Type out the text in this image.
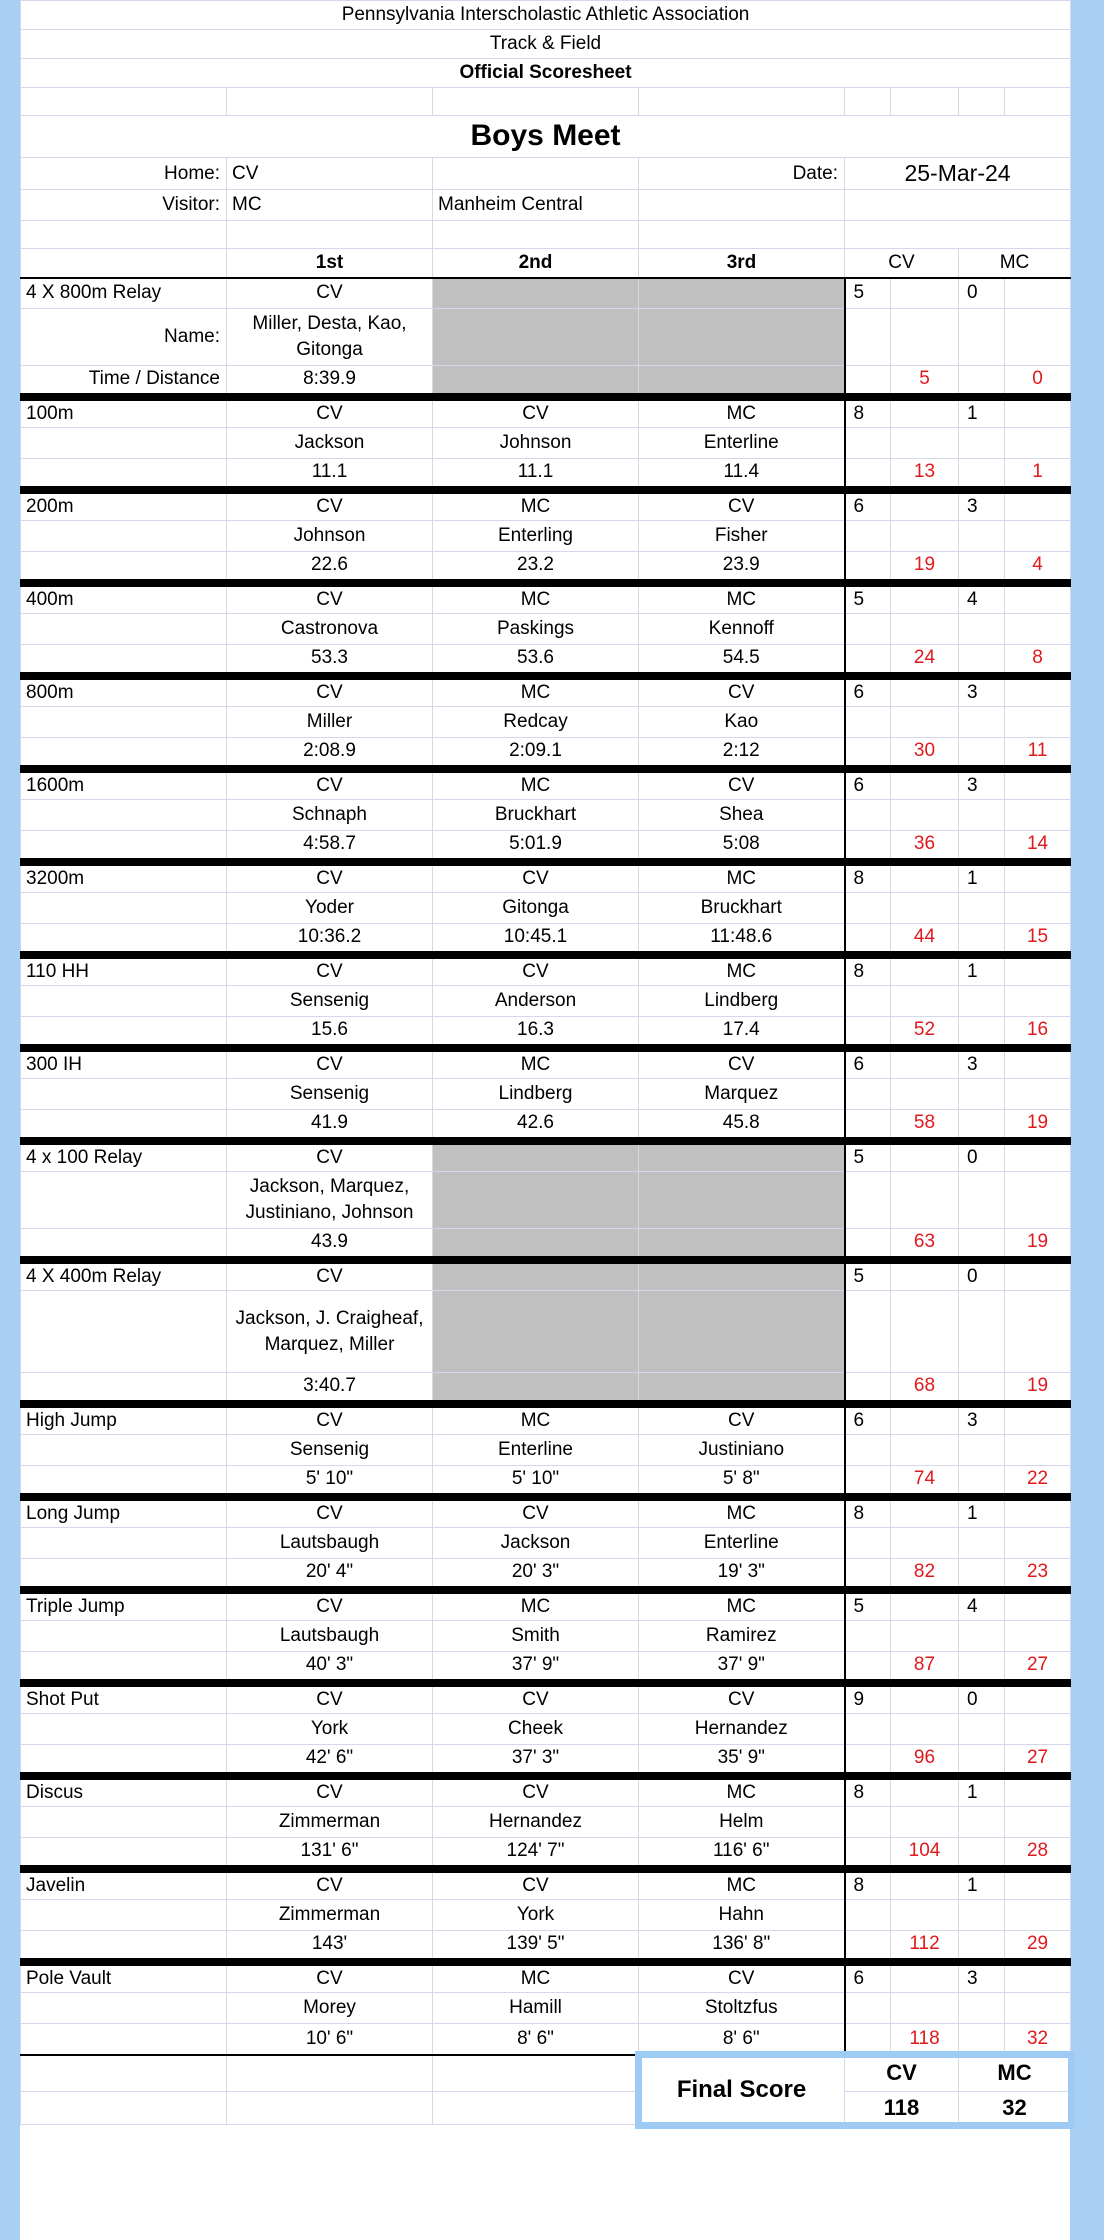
Pennsylvania Interscholastic Athletic Association							
Track & Field							
Official Scoresheet							

Boys Meet							
Home:	CV		Date:	25-Mar-24			
Visitor:	MC	Manheim Central					

	1st	2nd	3rd	CV		MC	
4 X 800m Relay	CV			5		0	
Name:	Miller, Desta, Kao, Gitonga						
Time / Distance	8:39.9				5		0
100m	CV	CV	MC	8		1	
	Jackson	Johnson	Enterline				
	11.1	11.1	11.4		13		1
200m	CV	MC	CV	6		3	
	Johnson	Enterling	Fisher				
	22.6	23.2	23.9		19		4
400m	CV	MC	MC	5		4	
	Castronova	Paskings	Kennoff				
	53.3	53.6	54.5		24		8
800m	CV	MC	CV	6		3	
	Miller	Redcay	Kao				
	2:08.9	2:09.1	2:12		30		11
1600m	CV	MC	CV	6		3	
	Schnaph	Bruckhart	Shea				
	4:58.7	5:01.9	5:08		36		14
3200m	CV	CV	MC	8		1	
	Yoder	Gitonga	Bruckhart				
	10:36.2	10:45.1	11:48.6		44		15
110 HH	CV	CV	MC	8		1	
	Sensenig	Anderson	Lindberg				
	15.6	16.3	17.4		52		16
300 IH	CV	MC	CV	6		3	
	Sensenig	Lindberg	Marquez				
	41.9	42.6	45.8		58		19
4 x 100 Relay	CV			5		0	
	Jackson, Marquez, Justiniano, Johnson						
	43.9				63		19
4 X 400m Relay	CV			5		0	
	Jackson, J. Craigheaf, Marquez, Miller						
	3:40.7				68		19
High Jump	CV	MC	CV	6		3	
	Sensenig	Enterline	Justiniano				
	5' 10"	5' 10"	5' 8"		74		22
Long Jump	CV	CV	MC	8		1	
	Lautsbaugh	Jackson	Enterline				
	20' 4"	20' 3"	19' 3"		82		23
Triple Jump	CV	MC	MC	5		4	
	Lautsbaugh	Smith	Ramirez				
	40' 3"	37' 9"	37' 9"		87		27
Shot Put	CV	CV	CV	9		0	
	York	Cheek	Hernandez				
	42' 6"	37' 3"	35' 9"		96		27
Discus	CV	CV	MC	8		1	
	Zimmerman	Hernandez	Helm				
	131' 6"	124' 7"	116' 6"		104		28
Javelin	CV	CV	MC	8		1	
	Zimmerman	York	Hahn				
	143'	139' 5"	136' 8"		112		29
Pole Vault	CV	MC	CV	6		3	
	Morey	Hamill	Stoltzfus				
	10' 6"	8' 6"	8' 6"		118		32
			Final Score	CV		MC	
				118		32	
